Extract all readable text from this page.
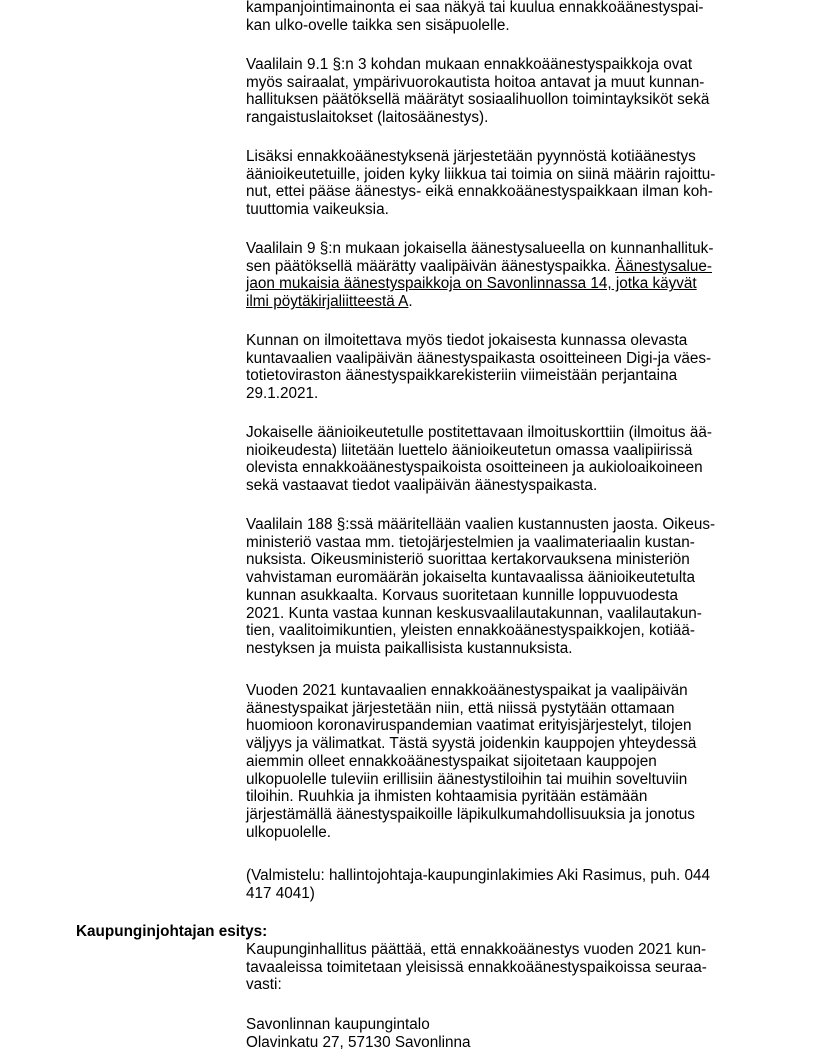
kampanjointimainonta ei saa näkyä tai kuulua ennakkoäänestyspai-

kan ulko-ovelle taikka sen sisäpuolelle.

Vaalilain 9.1 §:n 3 kohdan mukaan ennakkoäänestyspaikkoja ovat

myös sairaalat, ympärivuorokautista hoitoa antavat ja muut kunnan-

hallituksen päätöksellä määrätyt sosiaalihuollon toimintayksiköt sekä

rangaistuslaitokset (laitosäänestys).

Lisäksi ennakkoäänestyksenä järjestetään pyynnöstä kotiäänestys

äänioikeutetuille, joiden kyky liikkua tai toimia on siinä määrin rajoittu-

nut, ettei pääse äänestys- eikä ennakkoäänestyspaikkaan ilman koh-

tuuttomia vaikeuksia.

Vaalilain 9 §:n mukaan jokaisella äänestysalueella on kunnanhallituk-

sen päätöksellä määrätty vaalipäivän äänestyspaikka. Äänestysalue-

jaon mukaisia äänestyspaikkoja on Savonlinnassa 14, jotka käyvät

ilmi pöytäkirjaliitteestä A.

Kunnan on ilmoitettava myös tiedot jokaisesta kunnassa olevasta

kuntavaalien vaalipäivän äänestyspaikasta osoitteineen Digi-ja väes-

totietoviraston äänestyspaikkarekisteriin viimeistään perjantaina

29.1.2021.

Jokaiselle äänioikeutetulle postitettavaan ilmoituskorttiin (ilmoitus ää-

nioikeudesta) liitetään luettelo äänioikeutetun omassa vaalipiirissä

olevista ennakkoäänestyspaikoista osoitteineen ja aukioloaikoineen

sekä vastaavat tiedot vaalipäivän äänestyspaikasta.

Vaalilain 188 §:ssä määritellään vaalien kustannusten jaosta. Oikeus-

ministeriö vastaa mm. tietojärjestelmien ja vaalimateriaalin kustan-

nuksista. Oikeusministeriö suorittaa kertakorvauksena ministeriön

vahvistaman euromäärän jokaiselta kuntavaalissa äänioikeutetulta

kunnan asukkaalta. Korvaus suoritetaan kunnille loppuvuodesta

2021. Kunta vastaa kunnan keskusvaalilautakunnan, vaalilautakun-

tien, vaalitoimikuntien, yleisten ennakkoäänestyspaikkojen, kotiää-

nestyksen ja muista paikallisista kustannuksista.

Vuoden 2021 kuntavaalien ennakkoäänestyspaikat ja vaalipäivän

äänestyspaikat järjestetään niin, että niissä pystytään ottamaan

huomioon koronaviruspandemian vaatimat erityisjärjestelyt, tilojen

väljyys ja välimatkat. Tästä syystä joidenkin kauppojen yhteydessä

aiemmin olleet ennakkoäänestyspaikat sijoitetaan kauppojen

ulkopuolelle tuleviin erillisiin äänestystiloihin tai muihin soveltuviin

tiloihin. Ruuhkia ja ihmisten kohtaamisia pyritään estämään

järjestämällä äänestyspaikoille läpikulkumahdollisuuksia ja jonotus

ulkopuolelle.

(Valmistelu: hallintojohtaja-kaupunginlakimies Aki Rasimus, puh. 044

417 4041)

Kaupunginjohtajan esitys:

Kaupunginhallitus päättää, että ennakkoäänestys vuoden 2021 kun-

tavaaleissa toimitetaan yleisissä ennakkoäänestyspaikoissa seuraa-

vasti:

Savonlinnan kaupungintalo

Olavinkatu 27, 57130 Savonlinna
